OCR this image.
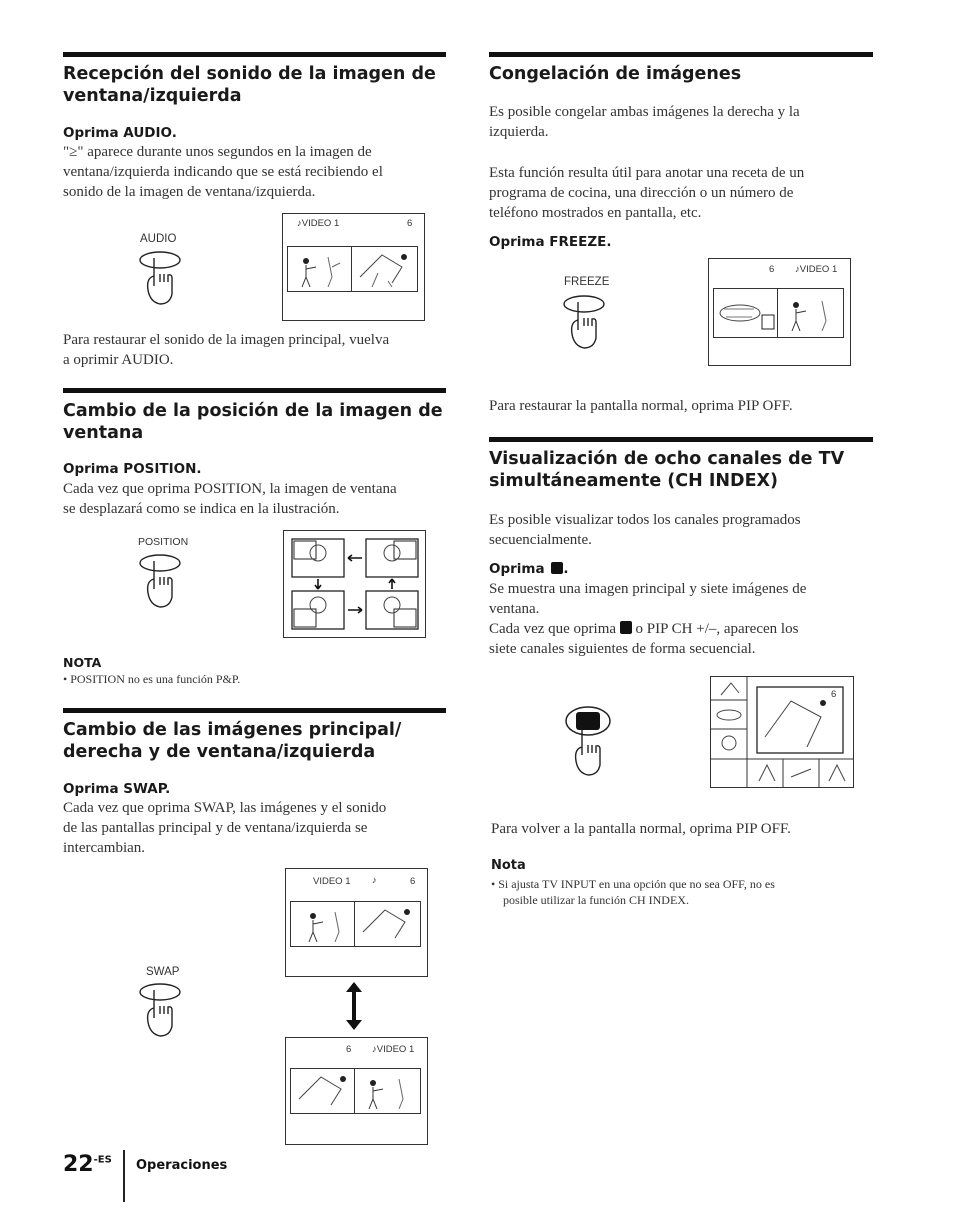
Recepción del sonido de la imagen de
ventana/izquierda
Oprima AUDIO.
"≥" aparece durante unos segundos en la imagen de
ventana/izquierda indicando que se está recibiendo el
sonido de la imagen de ventana/izquierda.
AUDIO
♪VIDEO 1	6
Para restaurar el sonido de la imagen principal, vuelva
a oprimir AUDIO.
Cambio de la posición de la imagen de
ventana
Oprima POSITION.
Cada vez que oprima POSITION, la imagen de ventana
se desplazará como se indica en la ilustración.
POSITION
NOTA
• POSITION no es una función P&P.
Cambio de las imágenes principal/
derecha y de ventana/izquierda
Oprima SWAP.
Cada vez que oprima SWAP, las imágenes y el sonido
de las pantallas principal y de ventana/izquierda se
intercambian.
VIDEO 1 ♪	6
SWAP
6 ♪VIDEO 1
Congelación de imágenes
Es posible congelar ambas imágenes la derecha y la
izquierda.
Esta función resulta útil para anotar una receta de un
programa de cocina, una dirección o un número de
teléfono mostrados en pantalla, etc.
Oprima FREEZE.
FREEZE
6 ♪VIDEO 1
Para restaurar la pantalla normal, oprima PIP OFF.
Visualización de ocho canales de TV
simultáneamente (CH INDEX)
Es posible visualizar todos los canales programados
secuencialmente.
Oprima .
Se muestra una imagen principal y siete imágenes de
ventana.
Cada vez que oprima o PIP CH +/–, aparecen los
siete canales siguientes de forma secuencial.
6
Para volver a la pantalla normal, oprima PIP OFF.
Nota
• Si ajusta TV INPUT en una opción que no sea OFF, no es
posible utilizar la función CH INDEX.
$22^{-ES}$ Operaciones
